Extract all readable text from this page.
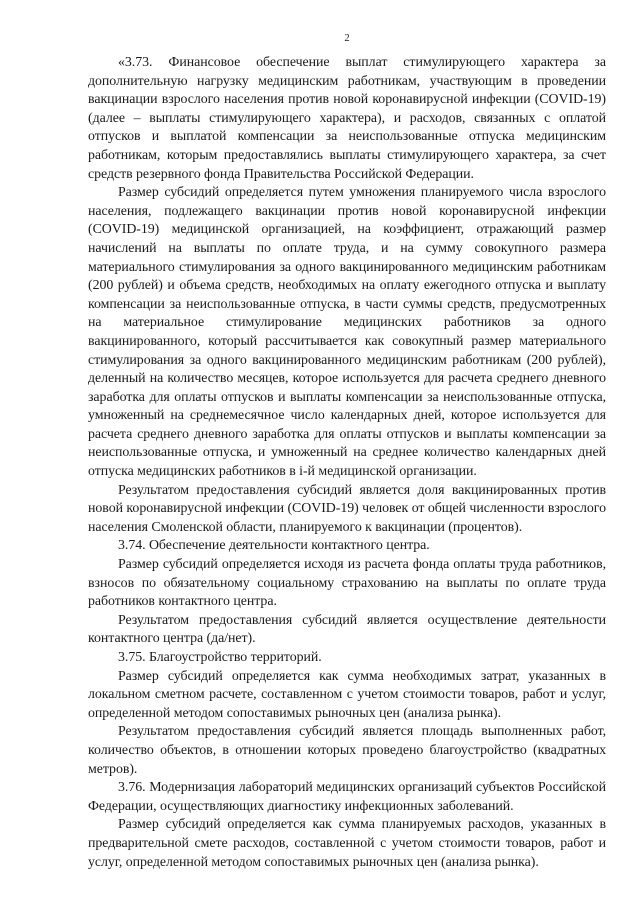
2

«3.73. Финансовое обеспечение выплат стимулирующего характера за дополнительную нагрузку медицинским работникам, участвующим в проведении вакцинации взрослого населения против новой коронавирусной инфекции (COVID-19) (далее – выплаты стимулирующего характера), и расходов, связанных с оплатой отпусков и выплатой компенсации за неиспользованные отпуска медицинским работникам, которым предоставлялись выплаты стимулирующего характера, за счет средств резервного фонда Правительства Российской Федерации.

Размер субсидий определяется путем умножения планируемого числа взрослого населения, подлежащего вакцинации против новой коронавирусной инфекции (COVID-19) медицинской организацией, на коэффициент, отражающий размер начислений на выплаты по оплате труда, и на сумму совокупного размера материального стимулирования за одного вакцинированного медицинским работникам (200 рублей) и объема средств, необходимых на оплату ежегодного отпуска и выплату компенсации за неиспользованные отпуска, в части суммы средств, предусмотренных на материальное стимулирование медицинских работников за одного вакцинированного, который рассчитывается как совокупный размер материального стимулирования за одного вакцинированного медицинским работникам (200 рублей), деленный на количество месяцев, которое используется для расчета среднего дневного заработка для оплаты отпусков и выплаты компенсации за неиспользованные отпуска, умноженный на среднемесячное число календарных дней, которое используется для расчета среднего дневного заработка для оплаты отпусков и выплаты компенсации за неиспользованные отпуска, и умноженный на среднее количество календарных дней отпуска медицинских работников в i-й медицинской организации.

Результатом предоставления субсидий является доля вакцинированных против новой коронавирусной инфекции (COVID-19) человек от общей численности взрослого населения Смоленской области, планируемого к вакцинации (процентов).

3.74. Обеспечение деятельности контактного центра.

Размер субсидий определяется исходя из расчета фонда оплаты труда работников, взносов по обязательному социальному страхованию на выплаты по оплате труда работников контактного центра.

Результатом предоставления субсидий является осуществление деятельности контактного центра (да/нет).

3.75. Благоустройство территорий.

Размер субсидий определяется как сумма необходимых затрат, указанных в локальном сметном расчете, составленном с учетом стоимости товаров, работ и услуг, определенной методом сопоставимых рыночных цен (анализа рынка).

Результатом предоставления субсидий является площадь выполненных работ, количество объектов, в отношении которых проведено благоустройство (квадратных метров).

3.76. Модернизация лабораторий медицинских организаций субъектов Российской Федерации, осуществляющих диагностику инфекционных заболеваний.

Размер субсидий определяется как сумма планируемых расходов, указанных в предварительной смете расходов, составленной с учетом стоимости товаров, работ и услуг, определенной методом сопоставимых рыночных цен (анализа рынка).
